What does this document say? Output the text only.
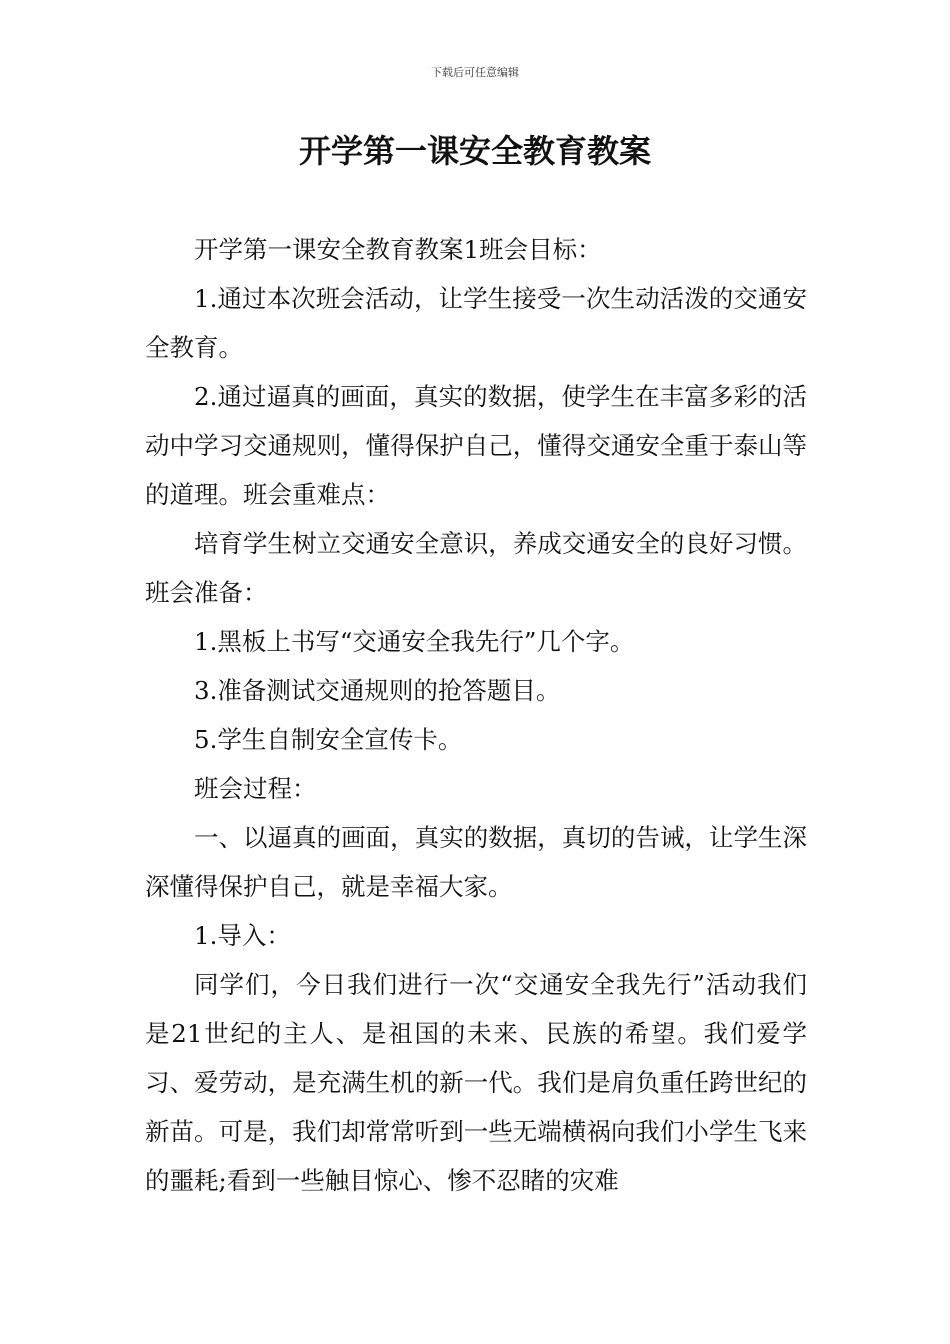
下载后可任意编辑
开学第一课安全教育教案

开学第一课安全教育教案1班会目标：

1.通过本次班会活动，让学生接受一次生动活泼的交通安全教育。

2.通过逼真的画面，真实的数据，使学生在丰富多彩的活动中学习交通规则，懂得保护自己，懂得交通安全重于泰山等的道理。班会重难点：

培育学生树立交通安全意识，养成交通安全的良好习惯。班会准备：

1.黑板上书写“交通安全我先行”几个字。

3.准备测试交通规则的抢答题目。

5.学生自制安全宣传卡。

班会过程：

一、以逼真的画面，真实的数据，真切的告诫，让学生深深懂得保护自己，就是幸福大家。

1.导入：

同学们，今日我们进行一次“交通安全我先行”活动我们是21世纪的主人、是祖国的未来、民族的希望。我们爱学习、爱劳动，是充满生机的新一代。我们是肩负重任跨世纪的新苗。可是，我们却常常听到一些无端横祸向我们小学生飞来的噩耗;看到一些触目惊心、惨不忍睹的灾难
